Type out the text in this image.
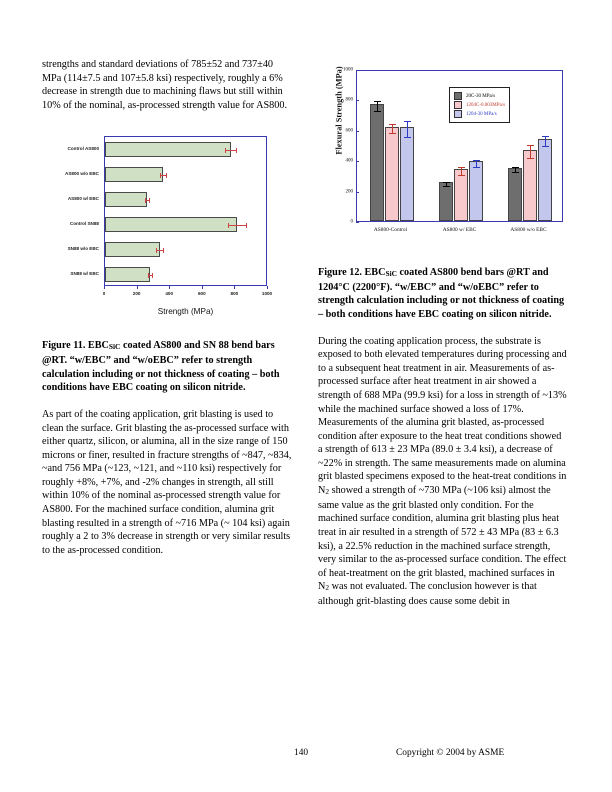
strengths and standard deviations of 785±52 and 737±40 MPa (114±7.5 and 107±5.8 ksi) respectively, roughly a 6% decrease in strength due to machining flaws but still within 10% of the nominal, as-processed strength value for AS800.

Control AS800
AS800 w/o EBC
AS800 w/ EBC
Control SN88
SN88 w/o EBC
SN88 w/ EBC
0	200	400	600	800	1000
Strength (MPa)

Figure 11. EBCSiC coated AS800 and SN 88 bend bars @RT. “w/EBC” and “w/oEBC” refer to strength calculation including or not thickness of coating – both conditions have EBC coating on silicon nitride.

As part of the coating application, grit blasting is used to clean the surface. Grit blasting the as-processed surface with either quartz, silicon, or alumina, all in the size range of 150 microns or finer, resulted in fracture strengths of ~847, ~834, ~and 756 MPa (~123, ~121, and ~110 ksi) respectively for roughly +8%, +7%, and -2% changes in strength, all still within 10% of the nominal as-processed strength value for AS800. For the machined surface condition, alumina grit blasting resulted in a strength of ~716 MPa (~ 104 ksi) again roughly a 2 to 3% decrease in strength or very similar results to the as-processed condition.

0
200
400
600
800
1000
Flexural Strength (MPa)
AS800-Control	AS800 w/ EBC	AS800 w/o EBC
20C-30 MPa/s
1204C-0.003MPa/s
1204-30 MPa/s

Figure 12. EBCSiC coated AS800 bend bars @RT and 1204°C (2200°F). “w/EBC” and “w/oEBC” refer to strength calculation including or not thickness of coating – both conditions have EBC coating on silicon nitride.

During the coating application process, the substrate is exposed to both elevated temperatures during processing and to a subsequent heat treatment in air. Measurements of as-processed surface after heat treatment in air showed a strength of 688 MPa (99.9 ksi) for a loss in strength of ~13% while the machined surface showed a loss of 17%. Measurements of the alumina grit blasted, as-processed condition after exposure to the heat treat conditions showed a strength of 613 ± 23 MPa (89.0 ± 3.4 ksi), a decrease of ~22% in strength. The same measurements made on alumina grit blasted specimens exposed to the heat-treat conditions in N2 showed a strength of ~730 MPa (~106 ksi) almost the same value as the grit blasted only condition. For the machined surface condition, alumina grit blasting plus heat treat in air resulted in a strength of 572 ± 43 MPa (83 ± 6.3 ksi), a 22.5% reduction in the machined surface strength, very similar to the as-processed surface condition. The effect of heat-treatment on the grit blasted, machined surfaces in N2 was not evaluated. The conclusion however is that although grit-blasting does cause some debit in

140	Copyright © 2004 by ASME
